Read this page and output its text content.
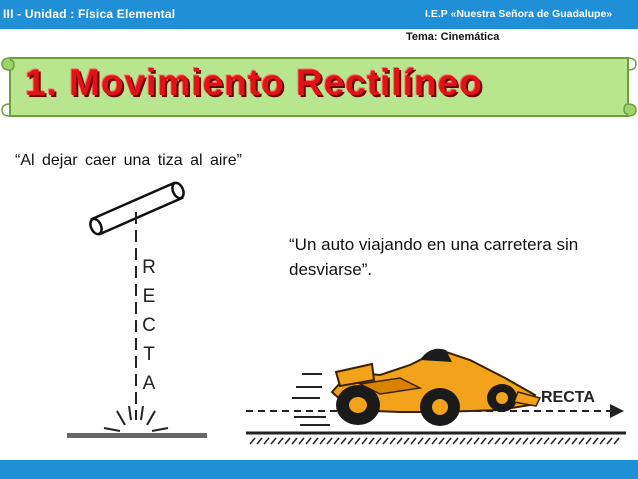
III - Unidad : Física Elemental	I.E.P «Nuestra Señora de Guadalupe»
Tema: Cinemática
1. Movimiento Rectilíneo
“Al dejar caer una tiza al aire”
“Un auto viajando en una carretera sin desviarse”.
R
E
C
T
A
RECTA
